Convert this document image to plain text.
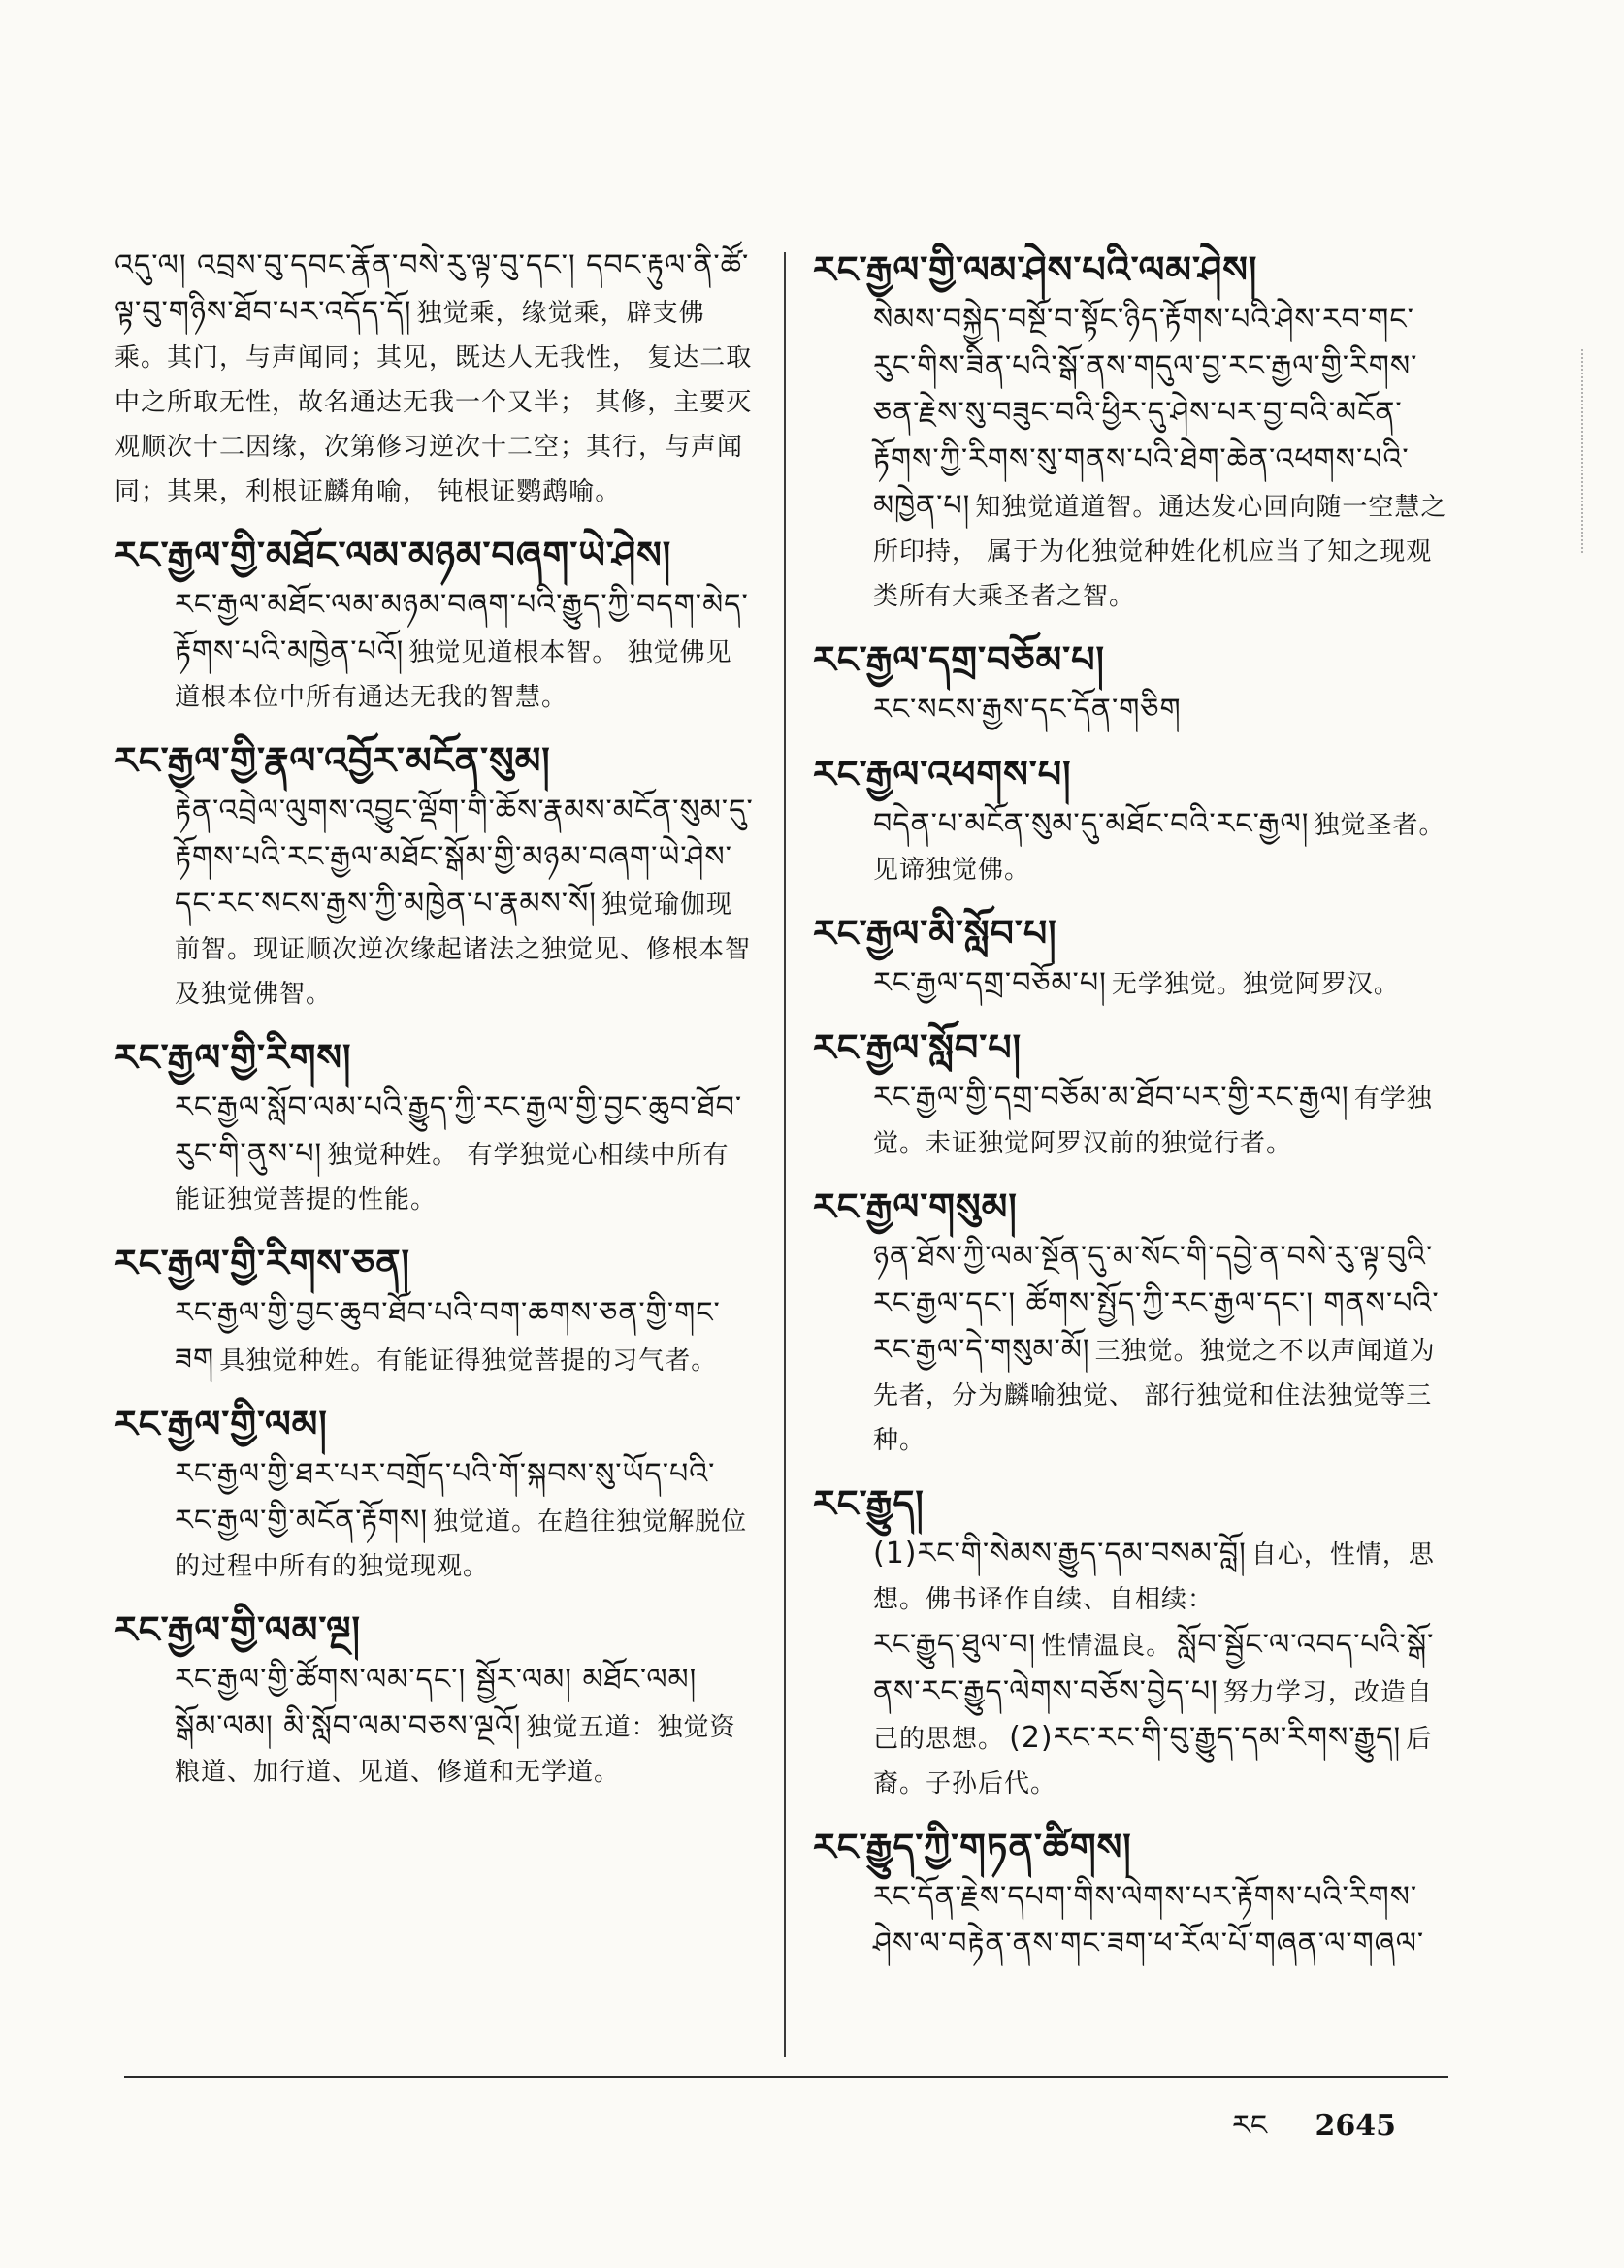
འདུ་ལ། འབྲས་བུ་དབང་རྣོན་བསེ་རུ་ལྟ་བུ་དང་། དབང་རྟུལ་ནི་ཚོ་ལྟ་བུ་གཉིས་ཐོབ་པར་འདོད་དོ། 独觉乘，缘觉乘，辟支佛乘。其门，与声闻同；其见，既达人无我性， 复达二取中之所取无性，故名通达无我一个又半； 其修，主要灭观顺次十二因缘，次第修习逆次十二空；其行，与声闻同；其果，利根证麟角喻， 钝根证鹦鹉喻。
རང་རྒྱལ་གྱི་མཐོང་ལམ་མཉམ་བཞག་ཡེ་ཤེས།
རང་རྒྱལ་མཐོང་ལམ་མཉམ་བཞག་པའི་རྒྱུད་ཀྱི་བདག་མེད་རྟོགས་པའི་མཁྱེན་པའོ། 独觉见道根本智。 独觉佛见道根本位中所有通达无我的智慧。
རང་རྒྱལ་གྱི་རྣལ་འབྱོར་མངོན་སུམ།
རྟེན་འབྲེལ་ལུགས་འབྱུང་ལྡོག་གི་ཆོས་རྣམས་མངོན་སུམ་དུ་རྟོགས་པའི་རང་རྒྱལ་མཐོང་སྒོམ་གྱི་མཉམ་བཞག་ཡེ་ཤེས་དང་རང་སངས་རྒྱས་ཀྱི་མཁྱེན་པ་རྣམས་སོ། 独觉瑜伽现前智。现证顺次逆次缘起诸法之独觉见、修根本智及独觉佛智。
རང་རྒྱལ་གྱི་རིགས།
རང་རྒྱལ་སློབ་ལམ་པའི་རྒྱུད་ཀྱི་རང་རྒྱལ་གྱི་བྱང་ཆུབ་ཐོབ་རུང་གི་ནུས་པ། 独觉种姓。 有学独觉心相续中所有能证独觉菩提的性能。
རང་རྒྱལ་གྱི་རིགས་ཅན།
རང་རྒྱལ་གྱི་བྱང་ཆུབ་ཐོབ་པའི་བག་ཆགས་ཅན་གྱི་གང་ཟག 具独觉种姓。有能证得独觉菩提的习气者。
རང་རྒྱལ་གྱི་ལམ།
རང་རྒྱལ་གྱི་ཐར་པར་བགྲོད་པའི་གོ་སྐབས་སུ་ཡོད་པའི་རང་རྒྱལ་གྱི་མངོན་རྟོགས། 独觉道。在趋往独觉解脱位的过程中所有的独觉现观。
རང་རྒྱལ་གྱི་ལམ་ལྔ།
རང་རྒྱལ་གྱི་ཚོགས་ལམ་དང་། སྦྱོར་ལམ། མཐོང་ལམ། སྒོམ་ལམ། མི་སློབ་ལམ་བཅས་ལྔའོ། 独觉五道：独觉资粮道、加行道、见道、修道和无学道。
རང་རྒྱལ་གྱི་ལམ་ཤེས་པའི་ལམ་ཤེས།
སེམས་བསྐྱེད་བསྔོ་བ་སྟོང་ཉིད་རྟོགས་པའི་ཤེས་རབ་གང་རུང་གིས་ཟིན་པའི་སྒོ་ནས་གདུལ་བྱ་རང་རྒྱལ་གྱི་རིགས་ཅན་རྗེས་སུ་བཟུང་བའི་ཕྱིར་དུ་ཤེས་པར་བྱ་བའི་མངོན་རྟོགས་ཀྱི་རིགས་སུ་གནས་པའི་ཐེག་ཆེན་འཕགས་པའི་མཁྱེན་པ། 知独觉道道智。通达发心回向随一空慧之所印持， 属于为化独觉种姓化机应当了知之现观类所有大乘圣者之智。
རང་རྒྱལ་དགྲ་བཅོམ་པ།
རང་སངས་རྒྱས་དང་དོན་གཅིག
རང་རྒྱལ་འཕགས་པ།
བདེན་པ་མངོན་སུམ་དུ་མཐོང་བའི་རང་རྒྱལ། 独觉圣者。见谛独觉佛。
རང་རྒྱལ་མི་སློབ་པ།
རང་རྒྱལ་དགྲ་བཅོམ་པ། 无学独觉。独觉阿罗汉。
རང་རྒྱལ་སློབ་པ།
རང་རྒྱལ་གྱི་དགྲ་བཅོམ་མ་ཐོབ་པར་གྱི་རང་རྒྱལ། 有学独觉。未证独觉阿罗汉前的独觉行者。
རང་རྒྱལ་གསུམ།
ཉན་ཐོས་ཀྱི་ལམ་སྔོན་དུ་མ་སོང་གི་དབྱེ་ན་བསེ་རུ་ལྟ་བུའི་རང་རྒྱལ་དང་། ཚོགས་སྤྱོད་ཀྱི་རང་རྒྱལ་དང་། གནས་པའི་རང་རྒྱལ་དེ་གསུམ་མོ། 三独觉。独觉之不以声闻道为先者，分为麟喻独觉、 部行独觉和住法独觉等三种。
རང་རྒྱུད།
(1)རང་གི་སེམས་རྒྱུད་དམ་བསམ་བློ། 自心，性情，思想。佛书译作自续、自相续：
རང་རྒྱུད་ཐུལ་བ། 性情温良。 སློབ་སྦྱོང་ལ་འབད་པའི་སྒོ་ནས་རང་རྒྱུད་ལེགས་བཅོས་བྱེད་པ། 努力学习，改造自己的思想。 (2)རང་རང་གི་བུ་རྒྱུད་དམ་རིགས་རྒྱུད། 后裔。子孙后代。
རང་རྒྱུད་ཀྱི་གཏན་ཚིགས།
རང་དོན་རྗེས་དཔག་གིས་ལེགས་པར་རྟོགས་པའི་རིགས་ཤེས་ལ་བརྟེན་ནས་གང་ཟག་ཕ་རོལ་པོ་གཞན་ལ་གཞལ་
རང 2645
